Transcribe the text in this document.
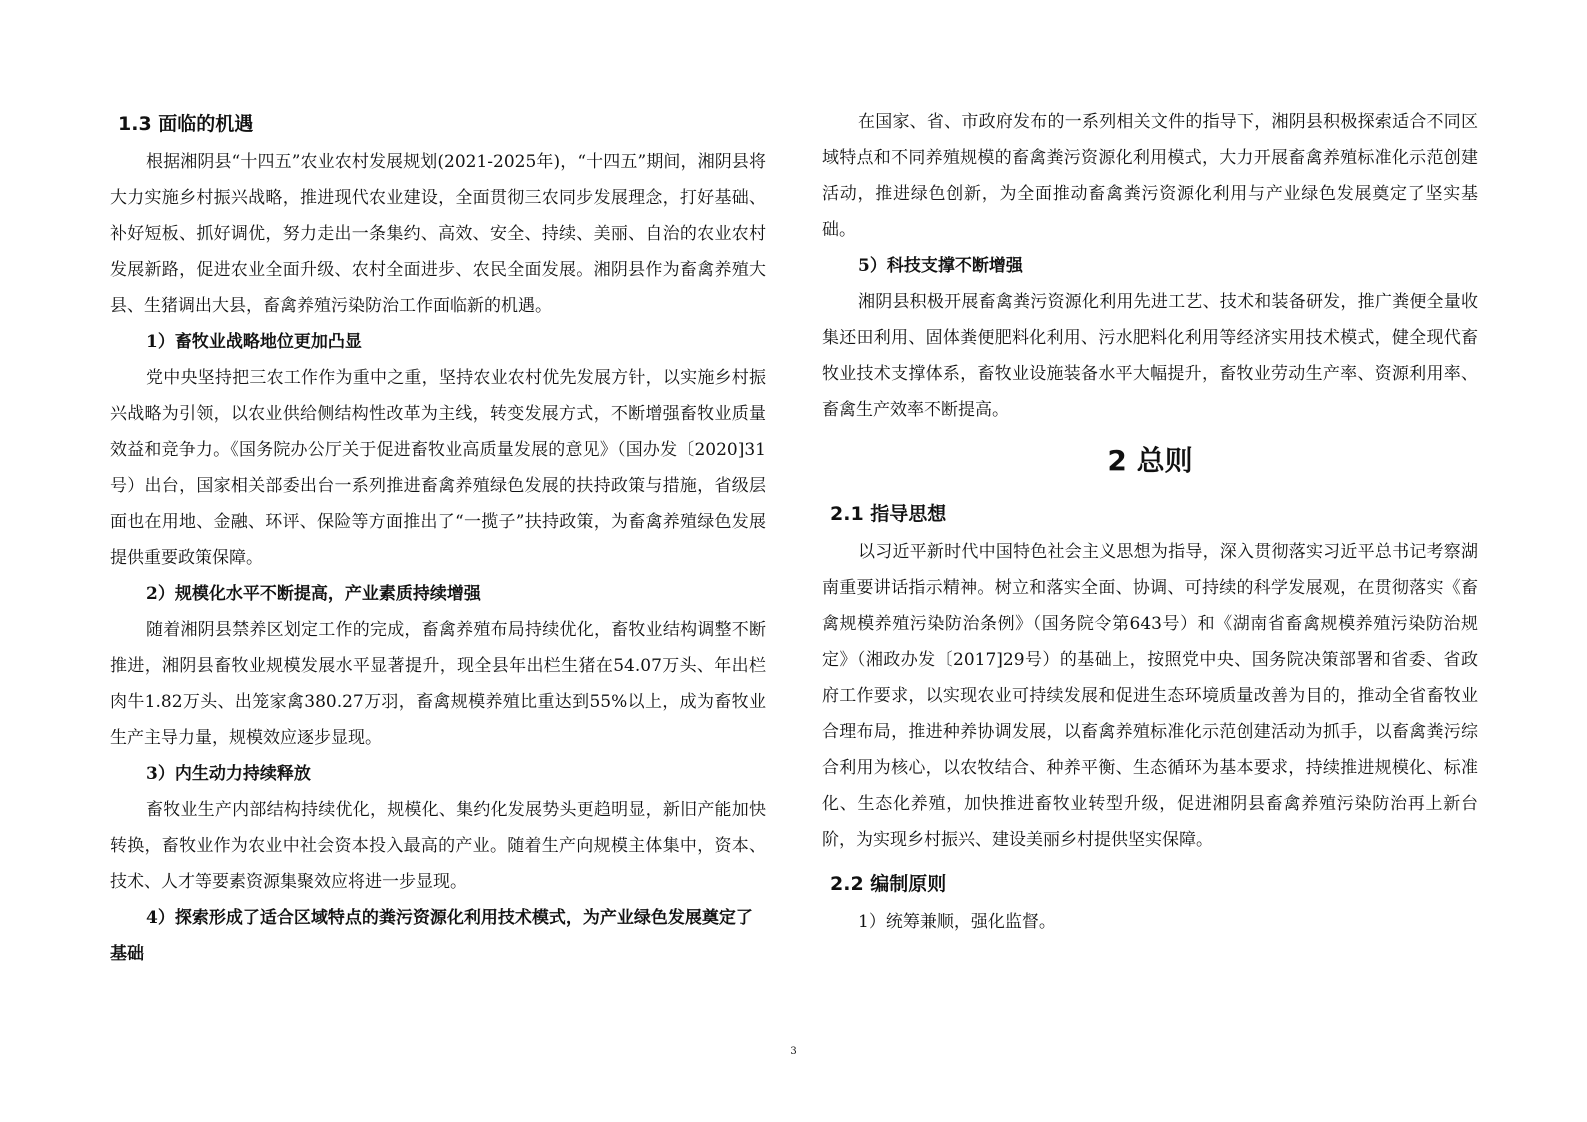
1.3 面临的机遇
根据湘阴县“十四五”农业农村发展规划(2021-2025年)，“十四五”期间，湘阴县将大力实施乡村振兴战略，推进现代农业建设，全面贯彻三农同步发展理念，打好基础、补好短板、抓好调优，努力走出一条集约、高效、安全、持续、美丽、自治的农业农村发展新路，促进农业全面升级、农村全面进步、农民全面发展。湘阴县作为畜禽养殖大县、生猪调出大县，畜禽养殖污染防治工作面临新的机遇。
1）畜牧业战略地位更加凸显
党中央坚持把三农工作作为重中之重，坚持农业农村优先发展方针，以实施乡村振兴战略为引领，以农业供给侧结构性改革为主线，转变发展方式，不断增强畜牧业质量效益和竞争力。《国务院办公厅关于促进畜牧业高质量发展的意见》（国办发〔2020]31号）出台，国家相关部委出台一系列推进畜禽养殖绿色发展的扶持政策与措施，省级层面也在用地、金融、环评、保险等方面推出了“一揽子”扶持政策，为畜禽养殖绿色发展提供重要政策保障。
2）规模化水平不断提高，产业素质持续增强
随着湘阴县禁养区划定工作的完成，畜禽养殖布局持续优化，畜牧业结构调整不断推进，湘阴县畜牧业规模发展水平显著提升，现全县年出栏生猪在54.07万头、年出栏肉牛1.82万头、出笼家禽380.27万羽，畜禽规模养殖比重达到55%以上，成为畜牧业生产主导力量，规模效应逐步显现。
3）内生动力持续释放
畜牧业生产内部结构持续优化，规模化、集约化发展势头更趋明显，新旧产能加快转换，畜牧业作为农业中社会资本投入最高的产业。随着生产向规模主体集中，资本、技术、人才等要素资源集聚效应将进一步显现。
4）探索形成了适合区域特点的粪污资源化利用技术模式，为产业绿色发展奠定了基础
在国家、省、市政府发布的一系列相关文件的指导下，湘阴县积极探索适合不同区域特点和不同养殖规模的畜禽粪污资源化利用模式，大力开展畜禽养殖标准化示范创建活动，推进绿色创新，为全面推动畜禽粪污资源化利用与产业绿色发展奠定了坚实基础。
5）科技支撑不断增强
湘阴县积极开展畜禽粪污资源化利用先进工艺、技术和装备研发，推广粪便全量收集还田利用、固体粪便肥料化利用、污水肥料化利用等经济实用技术模式，健全现代畜牧业技术支撑体系，畜牧业设施装备水平大幅提升，畜牧业劳动生产率、资源利用率、畜禽生产效率不断提高。
2 总则
2.1 指导思想
以习近平新时代中国特色社会主义思想为指导，深入贯彻落实习近平总书记考察湖南重要讲话指示精神。树立和落实全面、协调、可持续的科学发展观，在贯彻落实《畜禽规模养殖污染防治条例》（国务院令第643号）和《湖南省畜禽规模养殖污染防治规定》（湘政办发〔2017]29号）的基础上，按照党中央、国务院决策部署和省委、省政府工作要求，以实现农业可持续发展和促进生态环境质量改善为目的，推动全省畜牧业合理布局，推进种养协调发展，以畜禽养殖标准化示范创建活动为抓手，以畜禽粪污综合利用为核心，以农牧结合、种养平衡、生态循环为基本要求，持续推进规模化、标准化、生态化养殖，加快推进畜牧业转型升级，促进湘阴县畜禽养殖污染防治再上新台阶，为实现乡村振兴、建设美丽乡村提供坚实保障。
2.2 编制原则
1）统筹兼顺，强化监督。
3
